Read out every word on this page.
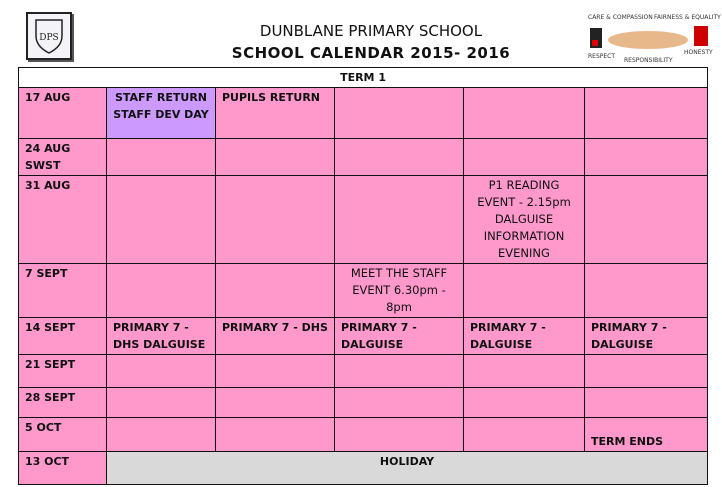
DPS	DUNBLANE PRIMARY SCHOOL
SCHOOL CALENDAR 2015- 2016
CARE & COMPASSION FAIRNESS & EQUALITY
RESPECT
RESPONSIBILITY
HONESTY
TERM 1					
17 AUG	STAFF RETURN STAFF DEV DAY	PUPILS RETURN			
24 AUG SWST					
31 AUG				P1 READING EVENT - 2.15pm DALGUISE INFORMATION EVENING	
7 SEPT			MEET THE STAFF EVENT 6.30pm - 8pm		
14 SEPT	PRIMARY 7 - DHS DALGUISE	PRIMARY 7 - DHS	PRIMARY 7 - DALGUISE	PRIMARY 7 - DALGUISE	PRIMARY 7 - DALGUISE
21 SEPT					
28 SEPT					
5 OCT					TERM ENDS
13 OCT	HOLIDAY				
